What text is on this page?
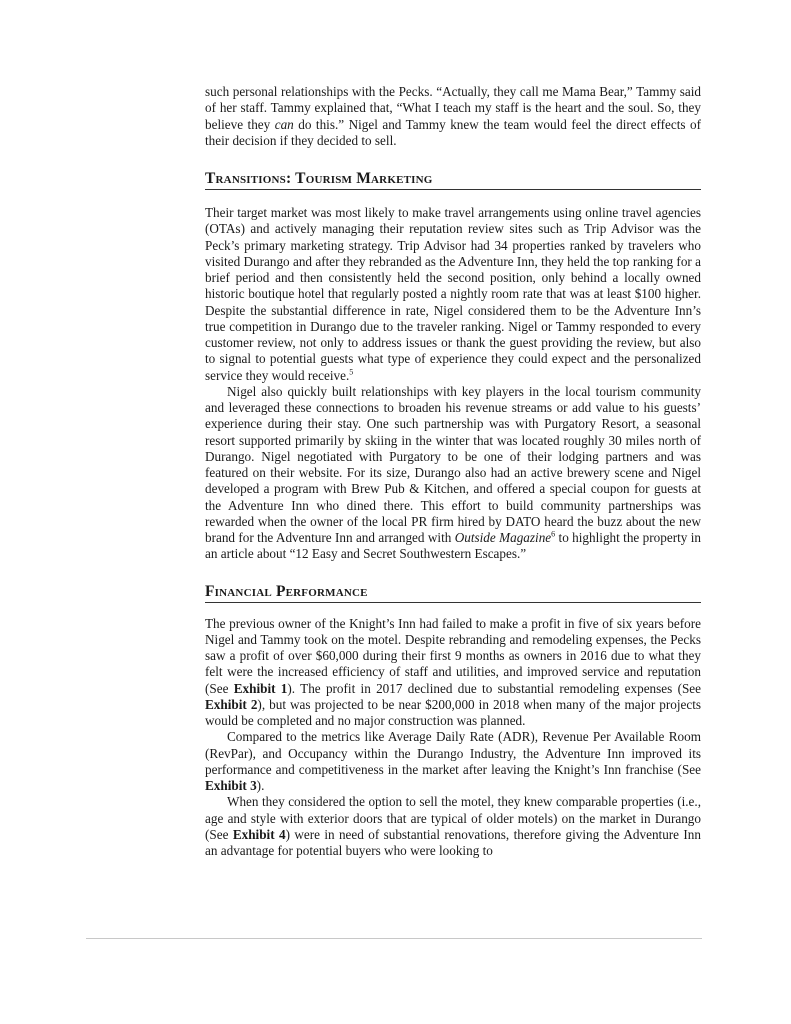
such personal relationships with the Pecks. “Actually, they call me Mama Bear,” Tammy said of her staff. Tammy explained that, “What I teach my staff is the heart and the soul. So, they believe they can do this.” Nigel and Tammy knew the team would feel the direct effects of their decision if they decided to sell.

Transitions: Tourism Marketing

Their target market was most likely to make travel arrangements using online travel agencies (OTAs) and actively managing their reputation review sites such as Trip Advisor was the Peck’s primary marketing strategy. Trip Advisor had 34 properties ranked by travelers who visited Durango and after they rebranded as the Adventure Inn, they held the top ranking for a brief period and then consistently held the second position, only behind a locally owned historic boutique hotel that regularly posted a nightly room rate that was at least $100 higher. Despite the substantial difference in rate, Nigel considered them to be the Adventure Inn’s true competition in Durango due to the traveler ranking. Nigel or Tammy responded to every customer review, not only to address issues or thank the guest providing the review, but also to signal to potential guests what type of experience they could expect and the personalized service they would receive.$^5$

Nigel also quickly built relationships with key players in the local tourism community and leveraged these connections to broaden his revenue streams or add value to his guests’ experience during their stay. One such partnership was with Purgatory Resort, a seasonal resort supported primarily by skiing in the winter that was located roughly 30 miles north of Durango. Nigel negotiated with Purgatory to be one of their lodging partners and was featured on their website. For its size, Durango also had an active brewery scene and Nigel developed a program with Brew Pub & Kitchen, and offered a special coupon for guests at the Adventure Inn who dined there. This effort to build community partnerships was rewarded when the owner of the local PR firm hired by DATO heard the buzz about the new brand for the Adventure Inn and arranged with Outside Magazine$^6$ to highlight the property in an article about “12 Easy and Secret Southwestern Escapes.”

Financial Performance

The previous owner of the Knight’s Inn had failed to make a profit in five of six years before Nigel and Tammy took on the motel. Despite rebranding and remodeling expenses, the Pecks saw a profit of over $60,000 during their first 9 months as owners in 2016 due to what they felt were the increased efficiency of staff and utilities, and improved service and reputation (See Exhibit 1). The profit in 2017 declined due to substantial remodeling expenses (See Exhibit 2), but was projected to be near $200,000 in 2018 when many of the major projects would be completed and no major construction was planned.

Compared to the metrics like Average Daily Rate (ADR), Revenue Per Available Room (RevPar), and Occupancy within the Durango Industry, the Adventure Inn improved its performance and competitiveness in the market after leaving the Knight’s Inn franchise (See Exhibit 3).

When they considered the option to sell the motel, they knew comparable properties (i.e., age and style with exterior doors that are typical of older motels) on the market in Durango (See Exhibit 4) were in need of substantial renovations, therefore giving the Adventure Inn an advantage for potential buyers who were looking to
